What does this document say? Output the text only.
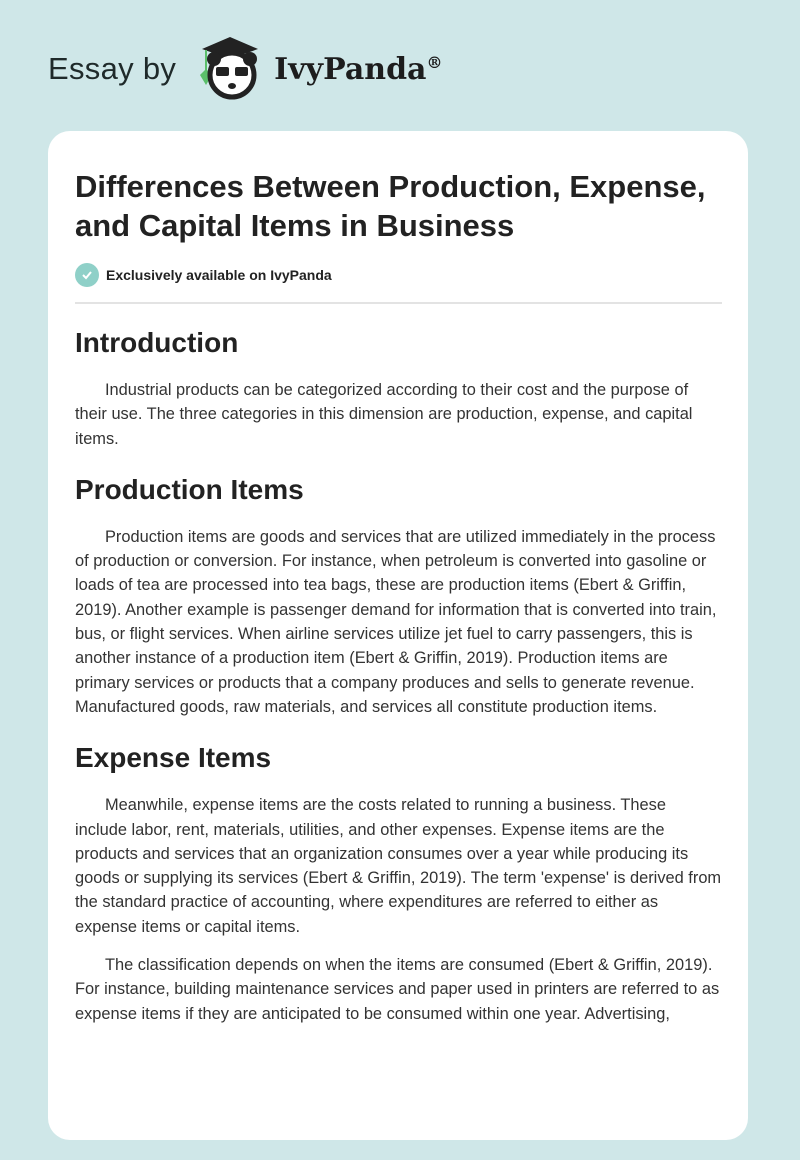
Essay by	IvyPanda®
Differences Between Production, Expense, and Capital Items in Business
Exclusively available on IvyPanda
Introduction

Industrial products can be categorized according to their cost and the purpose of their use. The three categories in this dimension are production, expense, and capital items.

Production Items

Production items are goods and services that are utilized immediately in the process of production or conversion. For instance, when petroleum is converted into gasoline or loads of tea are processed into tea bags, these are production items (Ebert & Griffin, 2019). Another example is passenger demand for information that is converted into train, bus, or flight services. When airline services utilize jet fuel to carry passengers, this is another instance of a production item (Ebert & Griffin, 2019). Production items are primary services or products that a company produces and sells to generate revenue. Manufactured goods, raw materials, and services all constitute production items.

Expense Items

Meanwhile, expense items are the costs related to running a business. These include labor, rent, materials, utilities, and other expenses. Expense items are the products and services that an organization consumes over a year while producing its goods or supplying its services (Ebert & Griffin, 2019). The term 'expense' is derived from the standard practice of accounting, where expenditures are referred to either as expense items or capital items.

The classification depends on when the items are consumed (Ebert & Griffin, 2019). For instance, building maintenance services and paper used in printers are referred to as expense items if they are anticipated to be consumed within one year. Advertising,
